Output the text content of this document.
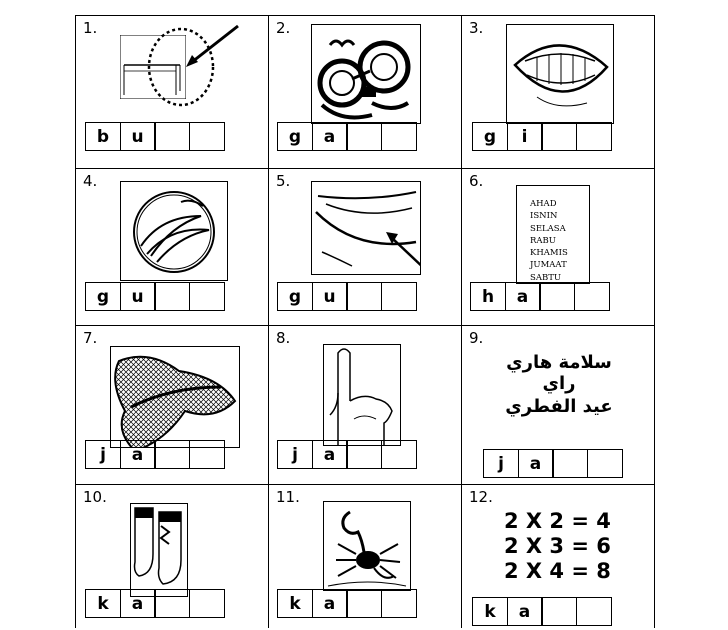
1.
b	u
2.
g	a
3.
g	i
4.
g	u
5.
g	u
6.
AHAD
ISNIN
SELASA
RABU
KHAMIS
JUMAAT
SABTU
h	a
7.
j	a
8.
j	a
9.
سلامة هاري راي
عيد الفطري
j	a
10.
k	a
11.
k	a
12.
2 X 2 = 4
2 X 3 = 6
2 X 4 = 8
k	a
